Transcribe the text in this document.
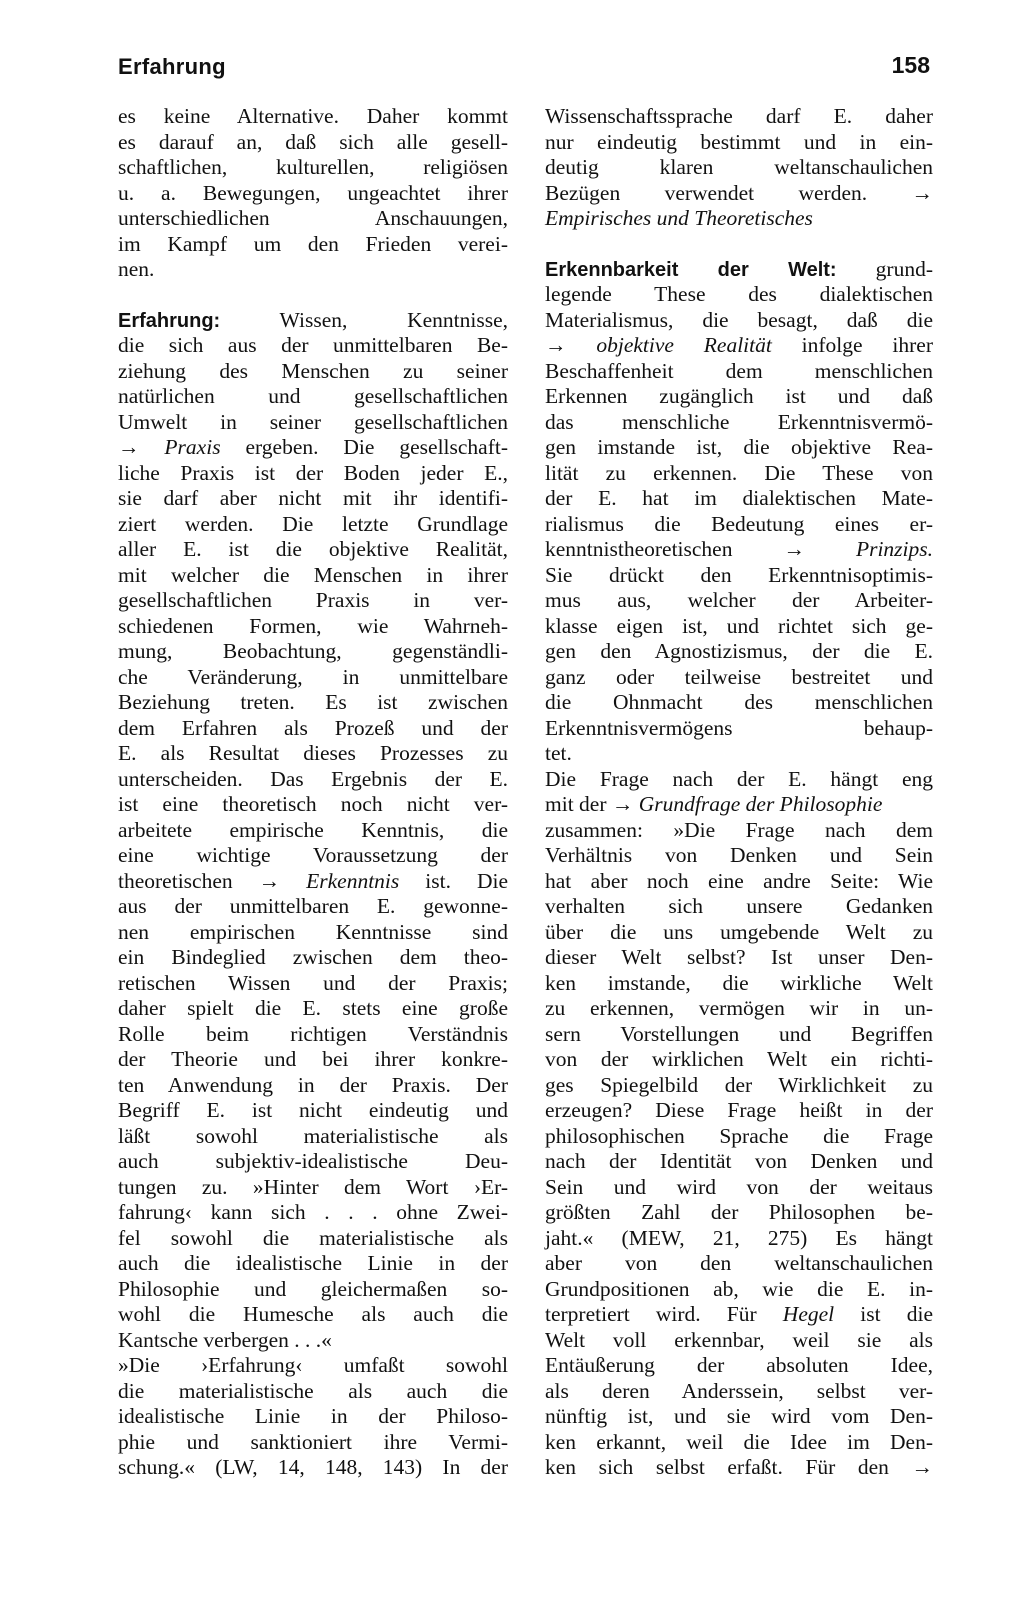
Erfahrung	158
es keine Alternative. Daher kommt
es darauf an, daß sich alle gesell-
schaftlichen, kulturellen, religiösen
u. a. Bewegungen, ungeachtet ihrer
unterschiedlichen Anschauungen,
im Kampf um den Frieden verei-
nen.
Erfahrung: Wissen, Kenntnisse,
die sich aus der unmittelbaren Be-
ziehung des Menschen zu seiner
natürlichen und gesellschaftlichen
Umwelt in seiner gesellschaftlichen
→ Praxis ergeben. Die gesellschaft-
liche Praxis ist der Boden jeder E.,
sie darf aber nicht mit ihr identifi-
ziert werden. Die letzte Grundlage
aller E. ist die objektive Realität,
mit welcher die Menschen in ihrer
gesellschaftlichen Praxis in ver-
schiedenen Formen, wie Wahrneh-
mung, Beobachtung, gegenständli-
che Veränderung, in unmittelbare
Beziehung treten. Es ist zwischen
dem Erfahren als Prozeß und der
E. als Resultat dieses Prozesses zu
unterscheiden. Das Ergebnis der E.
ist eine theoretisch noch nicht ver-
arbeitete empirische Kenntnis, die
eine wichtige Voraussetzung der
theoretischen → Erkenntnis ist. Die
aus der unmittelbaren E. gewonne-
nen empirischen Kenntnisse sind
ein Bindeglied zwischen dem theo-
retischen Wissen und der Praxis;
daher spielt die E. stets eine große
Rolle beim richtigen Verständnis
der Theorie und bei ihrer konkre-
ten Anwendung in der Praxis. Der
Begriff E. ist nicht eindeutig und
läßt sowohl materialistische als
auch subjektiv-idealistische Deu-
tungen zu. »Hinter dem Wort ›Er-
fahrung‹ kann sich . . . ohne Zwei-
fel sowohl die materialistische als
auch die idealistische Linie in der
Philosophie und gleichermaßen so-
wohl die Humesche als auch die
Kantsche verbergen . . .«
»Die ›Erfahrung‹ umfaßt sowohl
die materialistische als auch die
idealistische Linie in der Philoso-
phie und sanktioniert ihre Vermi-
schung.« (LW, 14, 148, 143) In der
Wissenschaftssprache darf E. daher
nur eindeutig bestimmt und in ein-
deutig klaren weltanschaulichen
Bezügen verwendet werden. →
Empirisches und Theoretisches
Erkennbarkeit der Welt: grund-
legende These des dialektischen
Materialismus, die besagt, daß die
→ objektive Realität infolge ihrer
Beschaffenheit dem menschlichen
Erkennen zugänglich ist und daß
das menschliche Erkenntnisvermö-
gen imstande ist, die objektive Rea-
lität zu erkennen. Die These von
der E. hat im dialektischen Mate-
rialismus die Bedeutung eines er-
kenntnistheoretischen → Prinzips.
Sie drückt den Erkenntnisoptimis-
mus aus, welcher der Arbeiter-
klasse eigen ist, und richtet sich ge-
gen den Agnostizismus, der die E.
ganz oder teilweise bestreitet und
die Ohnmacht des menschlichen
Erkenntnisvermögens behaup-
tet.
Die Frage nach der E. hängt eng
mit der → Grundfrage der Philosophie
zusammen: »Die Frage nach dem
Verhältnis von Denken und Sein
hat aber noch eine andre Seite: Wie
verhalten sich unsere Gedanken
über die uns umgebende Welt zu
dieser Welt selbst? Ist unser Den-
ken imstande, die wirkliche Welt
zu erkennen, vermögen wir in un-
sern Vorstellungen und Begriffen
von der wirklichen Welt ein richti-
ges Spiegelbild der Wirklichkeit zu
erzeugen? Diese Frage heißt in der
philosophischen Sprache die Frage
nach der Identität von Denken und
Sein und wird von der weitaus
größten Zahl der Philosophen be-
jaht.« (MEW, 21, 275) Es hängt
aber von den weltanschaulichen
Grundpositionen ab, wie die E. in-
terpretiert wird. Für Hegel ist die
Welt voll erkennbar, weil sie als
Entäußerung der absoluten Idee,
als deren Anderssein, selbst ver-
nünftig ist, und sie wird vom Den-
ken erkannt, weil die Idee im Den-
ken sich selbst erfaßt. Für den →
